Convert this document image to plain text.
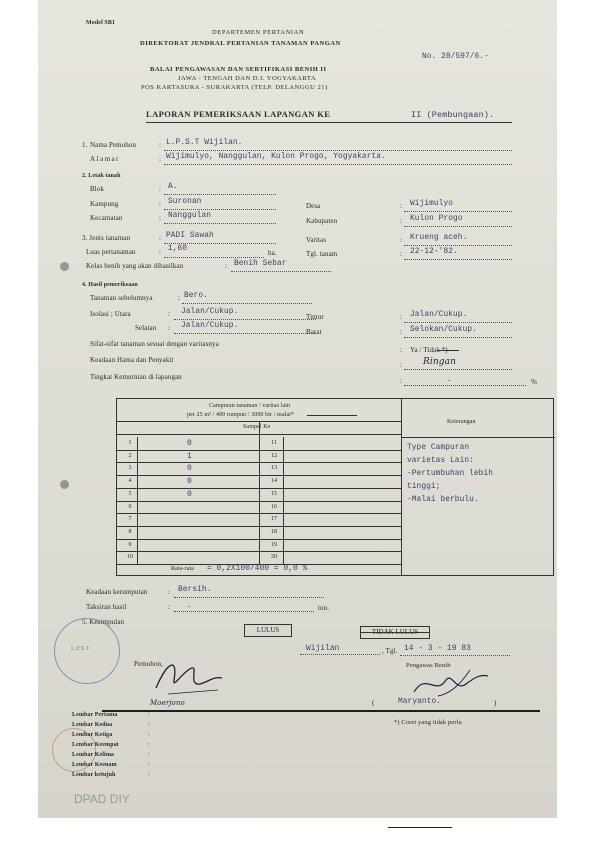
Model SB1
DEPARTEMEN PERTANIAN
DIREKTORAT JENDRAL PERTANIAN TANAMAN PANGAN
No. 28/597/6.-
BALAI PENGAWASAN DAN SERTIFIKASI BENIH II
JAWA - TENGAH DAN D.I. YOGYAKARTA
POS KARTASURA - SURAKARTA (TELP. DELANGGU 21)
LAPORAN PEMERIKSAAN LAPANGAN KE	II (Pembungaan).
1. Nama Pemohon	: L.P.S.T Wijilan.
Alamat	: Wijimulyo, Nanggulan, Kulon Progo, Yogyakarta.
2. Letak tanah
Blok	: A.
Kampung	: Suronan	Desa	: Wijimulyo
Kecamatan	: Nanggulan
Kabupaten	: Kulon Progo
3. Jenis tanaman	: PADI Sawah	Varitas	: Krueng aceh.
Luas pertanaman	: 1,60	ha.	Tgl. tanam	: 22-12-'82.
Kelas benih yang akan dihasilkan	: Benih Sebar
4. Hasil pemeriksaan
Tanaman sebelumnya	: Bero.
Isolasi ; Utara	: Jalan/Cukup.
Timur	: Jalan/Cukup.
Selatan : Jalan/Cukup.
Barat	: Selokan/Cukup.
Sifat-sifat tanaman sesuai dengan varitasnya
: Ya / Tidak *)
Keadaan Hama dan Penyakit
: Ringan
Tingkat Kemurnian di lapangan	:	-	%
Campuran tanaman / varitas lain
per 25 m² / 400 rumpun / 3000 btr / malai*
Sampel Ke
Keterangan
1	0	11
2	1	12
3	0	13
4	0	14
5	0	15
6	16
7	17
8	18
9	19
10	20
Rata-rata = 0,2X100/400 = 0,0 %
Type Campuran
varietas Lain:
-Pertumbuhan lebih
tinggi;
-Malai berbulu.
Keadaan kerumputan	: Bersih.
Taksiran hasil	:	-	ton.
5. Kesimpulan
LULUS	TIDAK LULUS
Wijilan	, Tgl. 14 - 3 - 19 83
Pemohon,	Pengawas Benih
Moerjono	(	Maryanto.	)
*) Coret yang tidak perlu
L.P.S.T.
Lembar Pertama	:
Lembar Kedua	:
Lembar Ketiga	:
Lembar Keempat	:
Lembar Kelima	:
Lembar Keenam	:
Lembar ketujuh	:
DPAD DIY
